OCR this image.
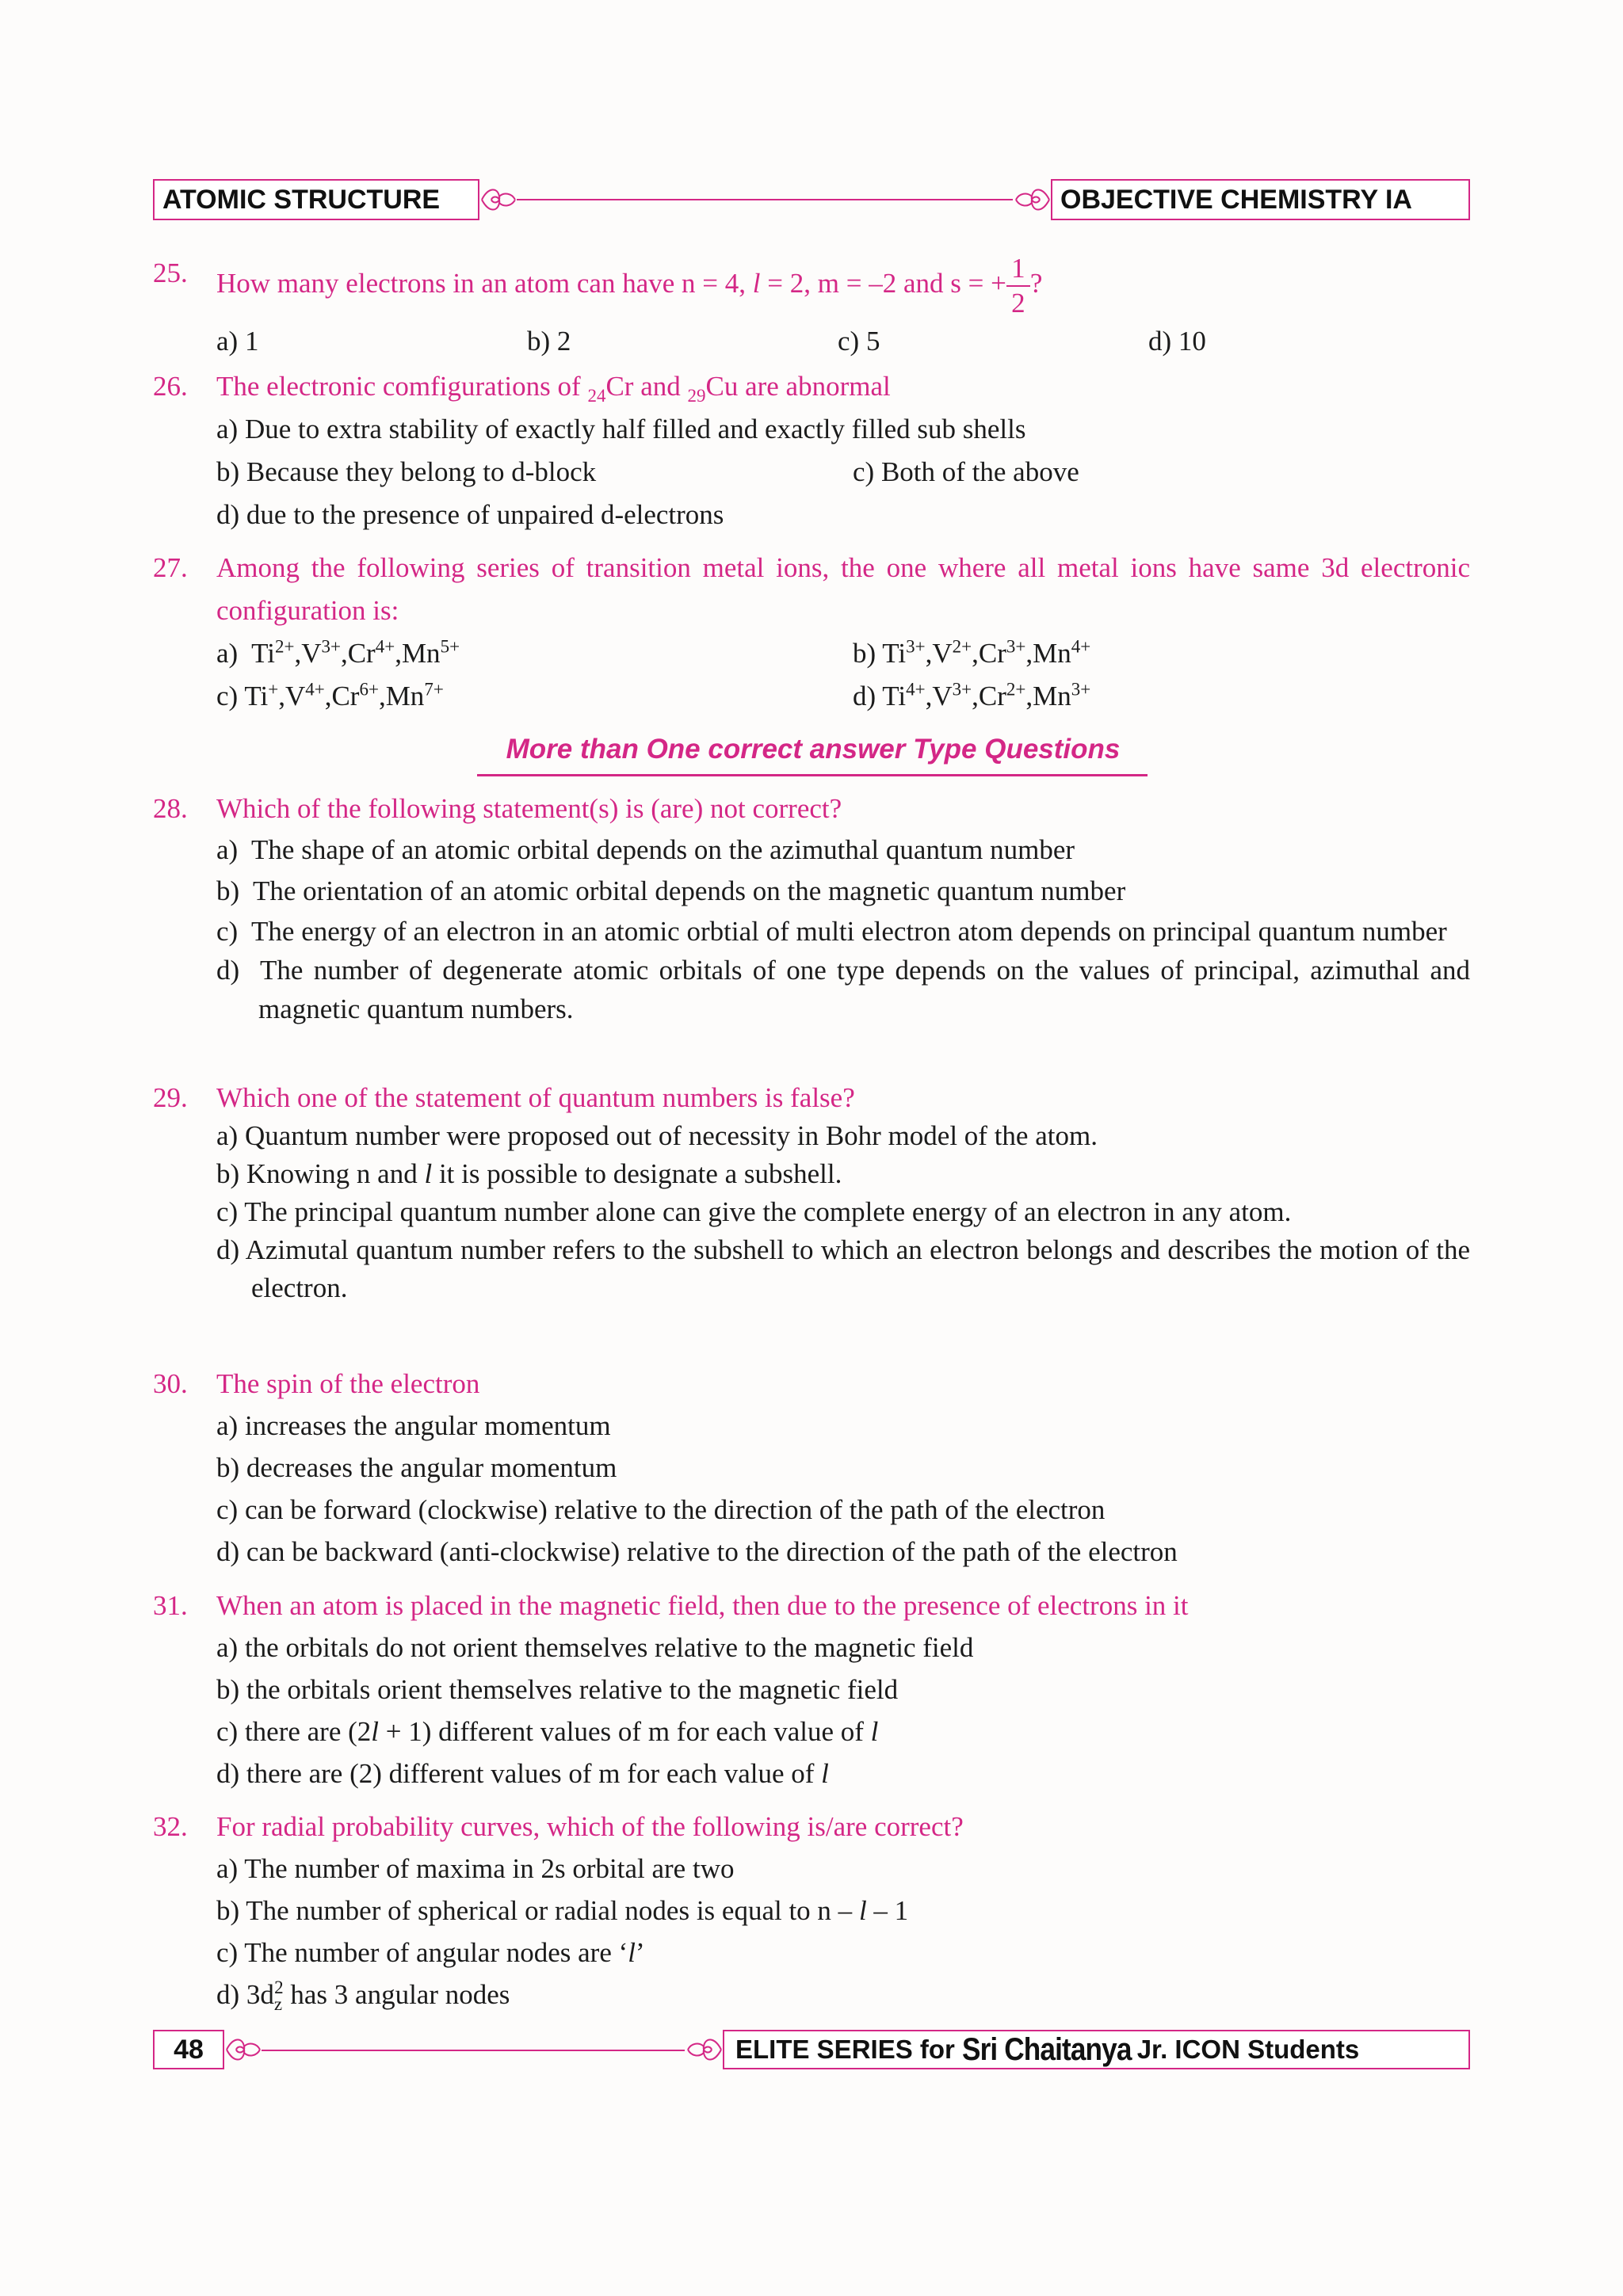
ATOMIC STRUCTURE	OBJECTIVE CHEMISTRY IA
25. How many electrons in an atom can have n = 4, l = 2, m = –2 and s = + $\frac{1}{2}$ ?
a) 1	b) 2	c) 5	d) 10
26. The electronic comfigurations of $_{24}$Cr and $_{29}$Cu are abnormal
a) Due to extra stability of exactly half filled and exactly filled sub shells
b) Because they belong to d-block	c) Both of the above
d) due to the presence of unpaired d-electrons
27. Among the following series of transition metal ions, the one where all metal ions have same 3d electronic configuration is:
a) $Ti^{2+},V^{3+},Cr^{4+},Mn^{5+}$	b) $Ti^{3+},V^{2+},Cr^{3+},Mn^{4+}$
c) $Ti^+,V^{4+},Cr^{6+},Mn^{7+}$	d) $Ti^{4+},V^{3+},Cr^{2+},Mn^{3+}$
More than One correct answer Type Questions
28. Which of the following statement(s) is (are) not correct?
a)  The shape of an atomic orbital depends on the azimuthal quantum number
b)  The orientation of an atomic orbital depends on the magnetic quantum number
c)  The energy of an electron in an atomic orbtial of multi electron atom depends on principal quantum number
d)  The number of degenerate atomic orbitals of one type depends on the values of principal, azimuthal and magnetic quantum numbers.
29. Which one of the statement of quantum numbers is false?
a) Quantum number were proposed out of necessity in Bohr model of the atom.
b) Knowing n and l it is possible to designate a subshell.
c) The principal quantum number alone can give the complete energy of an electron in any atom.
d) Azimutal quantum number refers to the subshell to which an electron belongs and describes the motion of the electron.
30. The spin of the electron
a) increases the angular momentum
b) decreases the angular momentum
c) can be forward (clockwise) relative to the direction of the path of the electron
d) can be backward (anti-clockwise) relative to the direction of the path of the electron
31. When an atom is placed in the magnetic field, then due to the presence of electrons in it
a) the orbitals do not orient themselves relative to the magnetic field
b) the orbitals orient themselves relative to the magnetic field
c) there are (2l + 1) different values of m for each value of l
d) there are (2) different values of m for each value of l
32. For radial probability curves, which of the following is/are correct?
a) The number of maxima in 2s orbital are two
b) The number of spherical or radial nodes is equal to n – l – 1
c) The number of angular nodes are ‘l’
d) $3d_z^2$ has 3 angular nodes
48	ELITE SERIES for
Sri Chaitanya Jr. ICON Students
